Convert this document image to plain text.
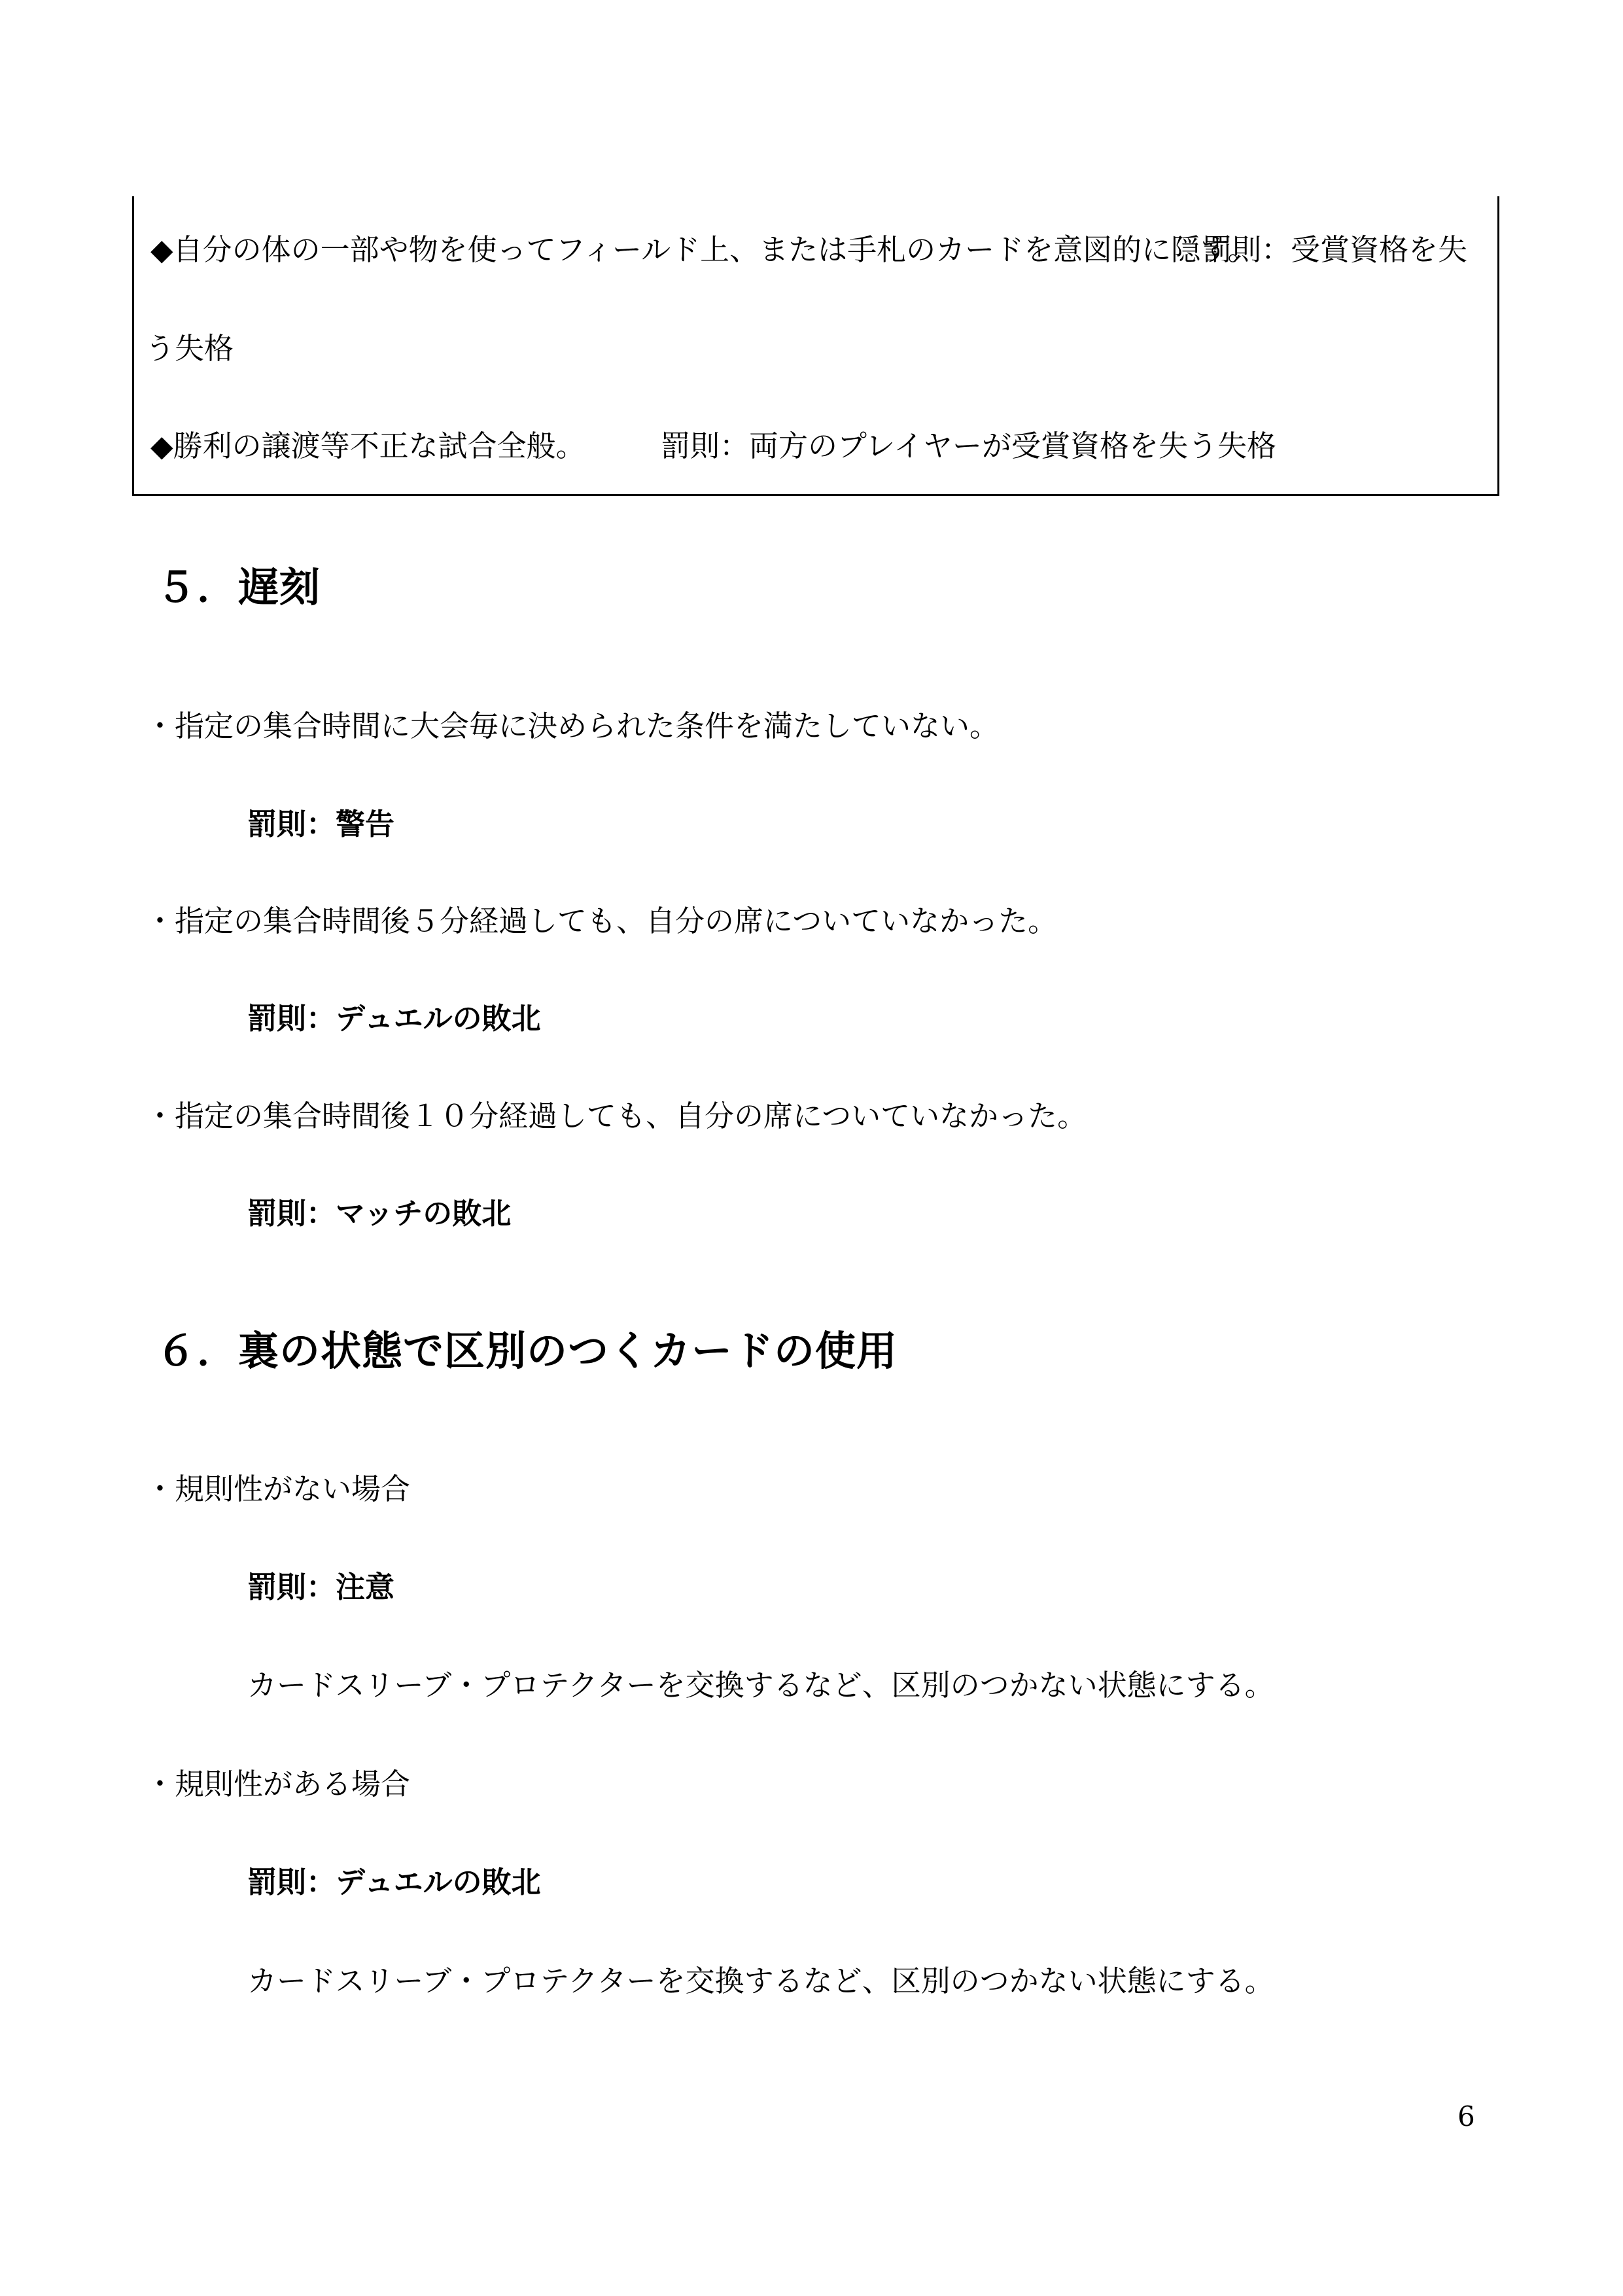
◆自分の体の一部や物を使ってフィールド上、または手札のカードを意図的に隠す。
罰則：受賞資格を失
う失格
◆勝利の譲渡等不正な試合全般。	罰則：両方のプレイヤーが受賞資格を失う失格
５．遅刻
・指定の集合時間に大会毎に決められた条件を満たしていない。
罰則：警告
・指定の集合時間後５分経過しても、自分の席についていなかった。
罰則：デュエルの敗北
・指定の集合時間後１０分経過しても、自分の席についていなかった。
罰則：マッチの敗北
６．裏の状態で区別のつくカードの使用
・規則性がない場合
罰則：注意
カードスリーブ・プロテクターを交換するなど、区別のつかない状態にする。
・規則性がある場合
罰則：デュエルの敗北
カードスリーブ・プロテクターを交換するなど、区別のつかない状態にする。
6
